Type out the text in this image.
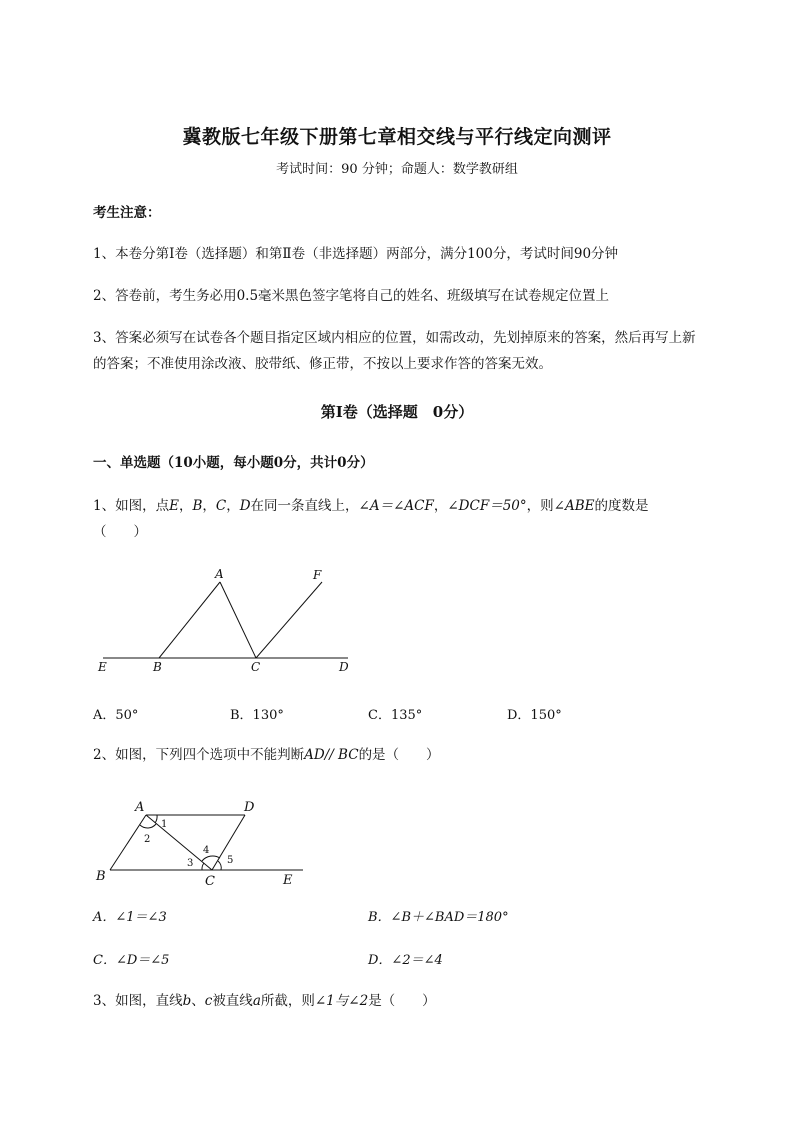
冀教版七年级下册第七章相交线与平行线定向测评
考试时间：90 分钟；命题人：数学教研组
考生注意：
1、本卷分第Ⅰ卷（选择题）和第Ⅱ卷（非选择题）两部分，满分100分，考试时间90分钟
2、答卷前，考生务必用0.5毫米黑色签字笔将自己的姓名、班级填写在试卷规定位置上
3、答案必须写在试卷各个题目指定区域内相应的位置，如需改动，先划掉原来的答案，然后再写上新
的答案；不准使用涂改液、胶带纸、修正带，不按以上要求作答的答案无效。
第Ⅰ卷（选择题　0分）
一、单选题（10小题，每小题0分，共计0分）
1、如图，点E，B，C，D在同一条直线上，∠A＝∠ACF，∠DCF＝50°，则∠ABE的度数是
（　　）
A	F
E	B	C	D
A．50°	B．130°	C．135°	D．150°
2、如图，下列四个选项中不能判断AD// BC的是（　　）
A	D
B	C	E
1
2
3
4
5
A．∠1＝∠3	B．∠B＋∠BAD＝180°
C．∠D＝∠5	D．∠2＝∠4
3、如图，直线b、c被直线a所截，则∠1与∠2是（　　）
